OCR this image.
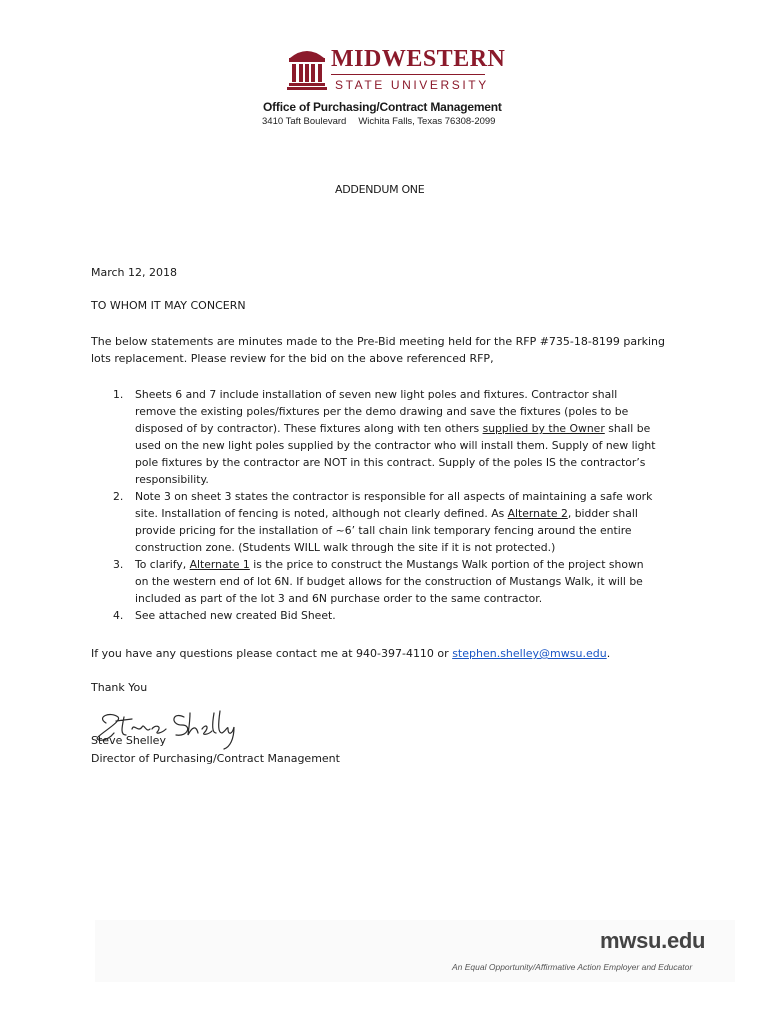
MIDWESTERN
STATE UNIVERSITY
Office of Purchasing/Contract Management
3410 Taft Boulevard Wichita Falls, Texas 76308-2099
ADDENDUM ONE
March 12, 2018
TO WHOM IT MAY CONCERN
The below statements are minutes made to the Pre-Bid meeting held for the RFP #735-18-8199 parking
lots replacement. Please review for the bid on the above referenced RFP,
1. Sheets 6 and 7 include installation of seven new light poles and fixtures. Contractor shall
remove the existing poles/fixtures per the demo drawing and save the fixtures (poles to be
disposed of by contractor). These fixtures along with ten others supplied by the Owner shall be
used on the new light poles supplied by the contractor who will install them. Supply of new light
pole fixtures by the contractor are NOT in this contract. Supply of the poles IS the contractor’s
responsibility.
2. Note 3 on sheet 3 states the contractor is responsible for all aspects of maintaining a safe work
site. Installation of fencing is noted, although not clearly defined. As Alternate 2, bidder shall
provide pricing for the installation of ~6’ tall chain link temporary fencing around the entire
construction zone. (Students WILL walk through the site if it is not protected.)
3. To clarify, Alternate 1 is the price to construct the Mustangs Walk portion of the project shown
on the western end of lot 6N. If budget allows for the construction of Mustangs Walk, it will be
included as part of the lot 3 and 6N purchase order to the same contractor.
4. See attached new created Bid Sheet.
If you have any questions please contact me at 940-397-4110 or stephen.shelley@mwsu.edu.
Thank You
Steve Shelley
Director of Purchasing/Contract Management
mwsu.edu
An Equal Opportunity/Affirmative Action Employer and Educator
